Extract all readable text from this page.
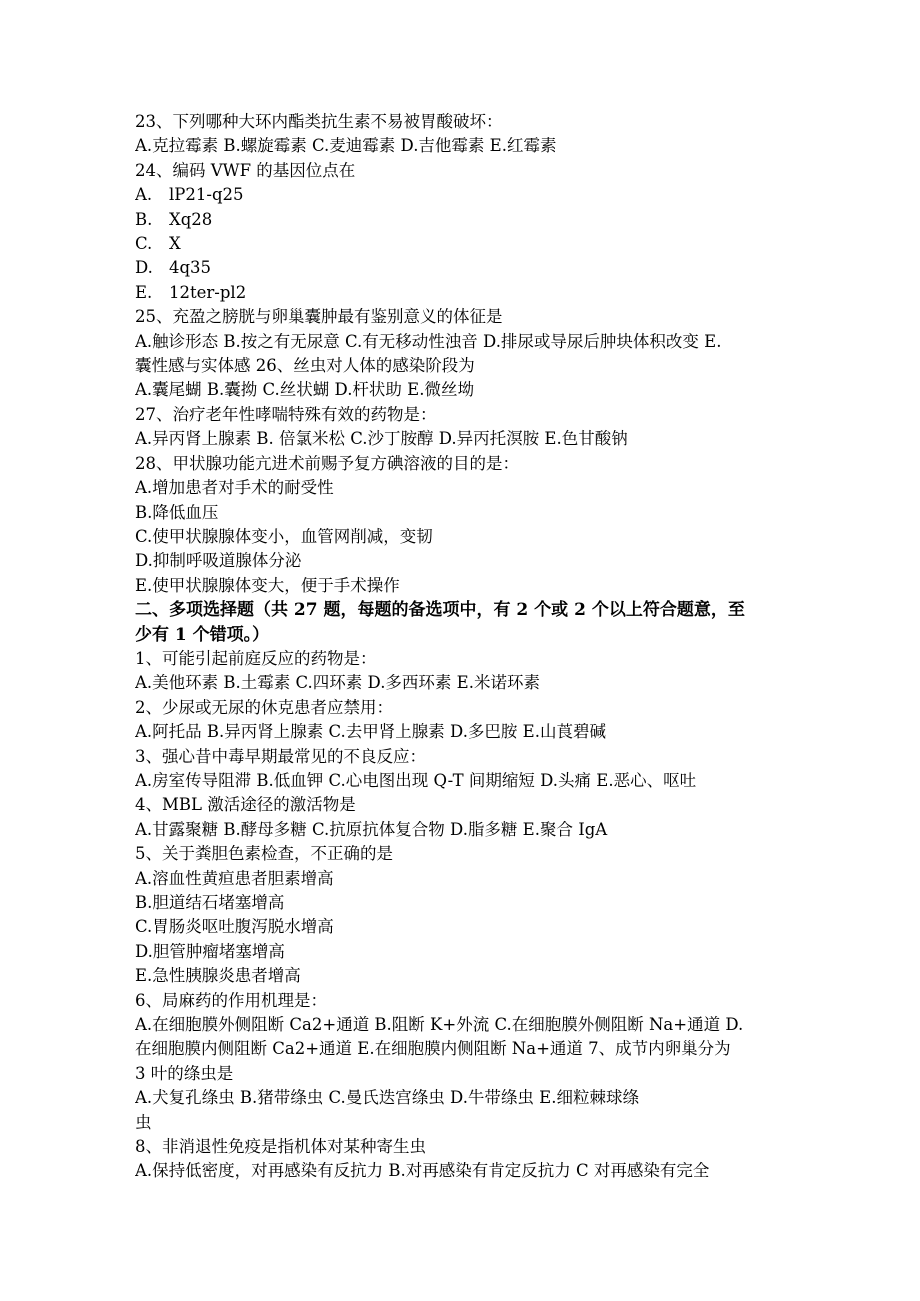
23、下列哪种大环内酯类抗生素不易被胃酸破坏：
A.克拉霉素 B.螺旋霉素 C.麦迪霉素 D.吉他霉素 E.红霉素
24、编码 VWF 的基因位点在
A. lP21-q25
B. Xq28
C. X
D. 4q35
E. 12ter-pl2
25、充盈之膀胱与卵巢囊肿最有鉴别意义的体征是
A.触诊形态 B.按之有无尿意 C.有无移动性浊音 D.排尿或导尿后肿块体积改变 E.
囊性感与实体感 26、丝虫对人体的感染阶段为
A.囊尾蝴 B.囊拗 C.丝状蝴 D.杆状助 E.微丝坳
27、治疗老年性哮喘特殊有效的药物是：
A.异丙肾上腺素 B. 倍氯米松 C.沙丁胺醇 D.异丙托溟胺 E.色甘酸钠
28、甲状腺功能亢进术前赐予复方碘溶液的目的是：
A.增加患者对手术的耐受性
B.降低血压
C.使甲状腺腺体变小，血管网削减，变韧
D.抑制呼吸道腺体分泌
E.使甲状腺腺体变大，便于手术操作
二、多项选择题（共 27 题，每题的备选项中，有 2 个或 2 个以上符合题意，至
少有 1 个错项。）
1、可能引起前庭反应的药物是：
A.美他环素 B.土霉素 C.四环素 D.多西环素 E.米诺环素
2、少尿或无尿的休克患者应禁用：
A.阿托品 B.异丙肾上腺素 C.去甲肾上腺素 D.多巴胺 E.山莨碧碱
3、强心昔中毒早期最常见的不良反应：
A.房室传导阻滞 B.低血钾 C.心电图出现 Q-T 间期缩短 D.头痛 E.恶心、呕吐
4、MBL 激活途径的激活物是
A.甘露聚糖 B.酵母多糖 C.抗原抗体复合物 D.脂多糖 E.聚合 IgA
5、关于粪胆色素检查，不正确的是
A.溶血性黄疸患者胆素增高
B.胆道结石堵塞增高
C.胃肠炎呕吐腹泻脱水增高
D.胆管肿瘤堵塞增高
E.急性胰腺炎患者增高
6、局麻药的作用机理是：
A.在细胞膜外侧阻断 Ca2+通道 B.阻断 K+外流 C.在细胞膜外侧阻断 Na+通道 D.
在细胞膜内侧阻断 Ca2+通道 E.在细胞膜内侧阻断 Na+通道 7、成节内卵巢分为
3 叶的绦虫是
A.犬复孔绦虫 B.猪带绦虫 C.曼氏迭宫绦虫 D.牛带绦虫 E.细粒棘球绦
虫
8、非消退性免疫是指机体对某种寄生虫
A.保持低密度，对再感染有反抗力 B.对再感染有肯定反抗力 C 对再感染有完全
